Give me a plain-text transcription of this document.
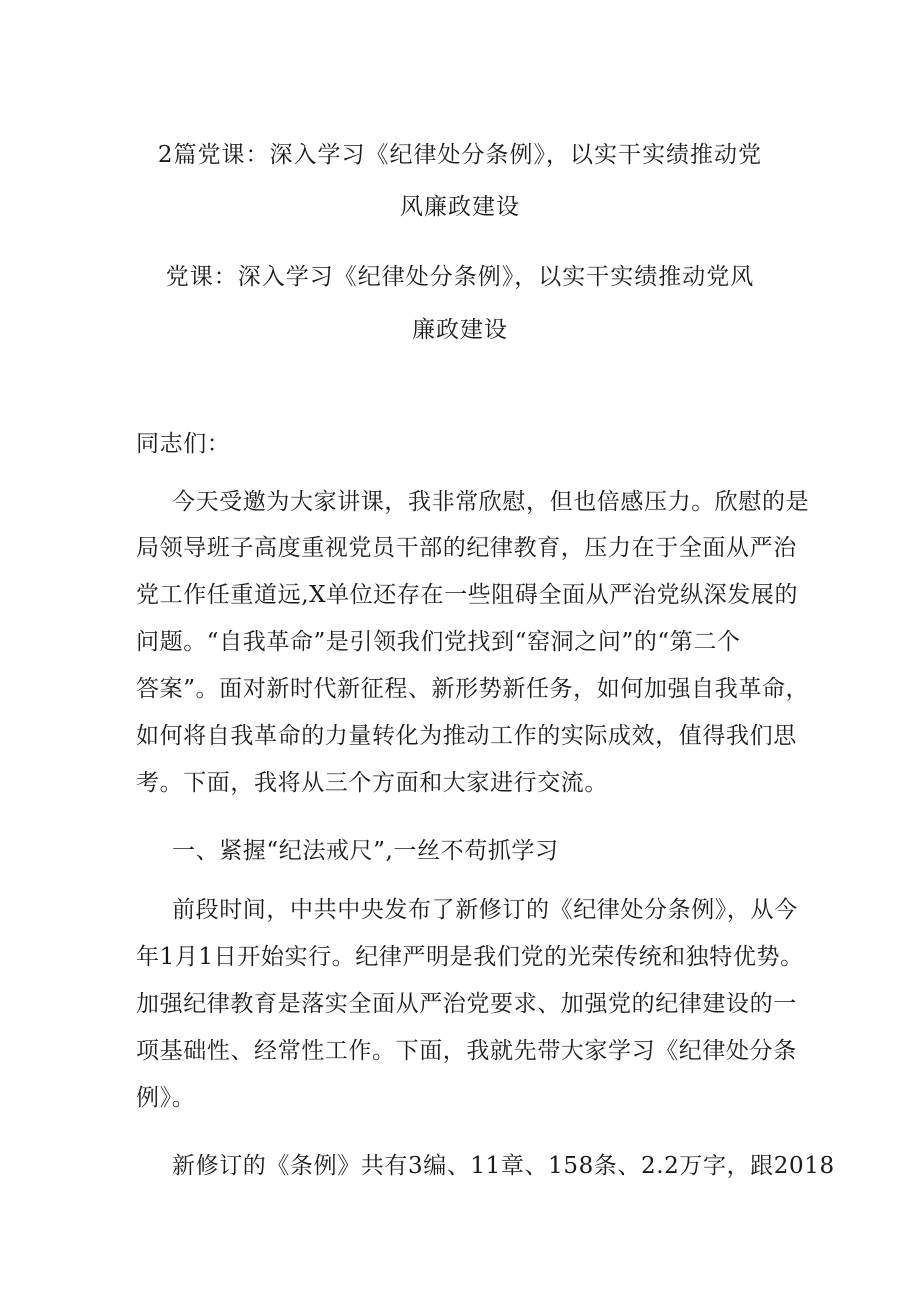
2篇党课：深入学习《纪律处分条例》，以实干实绩推动党
风廉政建设
党课：深入学习《纪律处分条例》，以实干实绩推动党风
廉政建设
同志们：
今天受邀为大家讲课，我非常欣慰，但也倍感压力。欣慰的是
局领导班子高度重视党员干部的纪律教育，压力在于全面从严治
党工作任重道远,X单位还存在一些阻碍全面从严治党纵深发展的
问题。“自我革命”是引领我们党找到“窑洞之问”的“第二个
答案”。面对新时代新征程、新形势新任务，如何加强自我革命，
如何将自我革命的力量转化为推动工作的实际成效，值得我们思
考。下面，我将从三个方面和大家进行交流。
一、紧握“纪法戒尺”,一丝不苟抓学习
前段时间，中共中央发布了新修订的《纪律处分条例》，从今
年1月1日开始实行。纪律严明是我们党的光荣传统和独特优势。
加强纪律教育是落实全面从严治党要求、加强党的纪律建设的一
项基础性、经常性工作。下面，我就先带大家学习《纪律处分条
例》。
新修订的《条例》共有3编、11章、158条、2.2万字，跟2018
